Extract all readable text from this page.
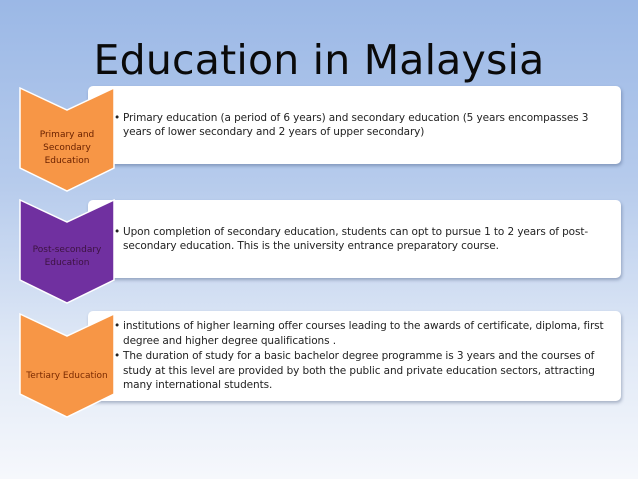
Education in Malaysia
• Primary education (a period of 6 years) and secondary education (5 years encompasses 3 years of lower secondary and 2 years of upper secondary)
Primary and
Secondary
Education
• Upon completion of secondary education, students can opt to pursue 1 to 2 years of post-secondary education. This is the university entrance preparatory course.
Post-secondary
Education
• institutions of higher learning offer courses leading to the awards of certificate, diploma, first degree and higher degree qualifications .
• The duration of study for a basic bachelor degree programme is 3 years and the courses of study at this level are provided by both the public and private education sectors, attracting many international students.
Tertiary Education
